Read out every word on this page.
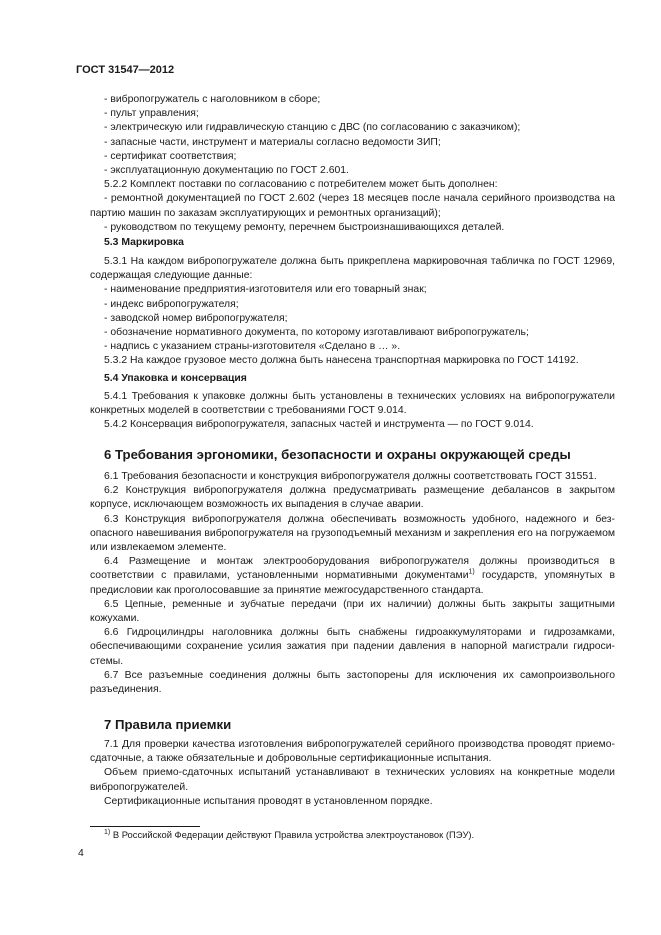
ГОСТ 31547—2012

- вибропогружатель с наголовником в сборе;

- пульт управления;

- электрическую или гидравлическую станцию с ДВС (по согласованию с заказчиком);

- запасные части, инструмент и материалы согласно ведомости ЗИП;

- сертификат соответствия;

- эксплуатационную документацию по ГОСТ 2.601.

5.2.2 Комплект поставки по согласованию с потребителем может быть дополнен:

- ремонтной документацией по ГОСТ 2.602 (через 18 месяцев после начала серийного производства на партию машин по заказам эксплуатирующих и ремонтных организаций);

- руководством по текущему ремонту, перечнем быстроизнашивающихся деталей.

5.3 Маркировка

5.3.1 На каждом вибропогружателе должна быть прикреплена маркировочная табличка по ГОСТ 12969, содержащая следующие данные:

- наименование предприятия-изготовителя или его товарный знак;

- индекс вибропогружателя;

- заводской номер вибропогружателя;

- обозначение нормативного документа, по которому изготавливают вибропогружатель;

- надпись с указанием страны-изготовителя «Сделано в … ».

5.3.2 На каждое грузовое место должна быть нанесена транспортная маркировка по ГОСТ 14192.

5.4 Упаковка и консервация

5.4.1 Требования к упаковке должны быть установлены в технических условиях на вибропогружатели конкретных моделей в соответствии с требованиями ГОСТ 9.014.

5.4.2 Консервация вибропогружателя, запасных частей и инструмента — по ГОСТ 9.014.

6 Требования эргономики, безопасности и охраны окружающей среды

6.1 Требования безопасности и конструкция вибропогружателя должны соответствовать ГОСТ 31551.

6.2 Конструкция вибропогружателя должна предусматривать размещение дебалансов в закрытом корпусе, исключающем возможность их выпадения в случае аварии.

6.3 Конструкция вибропогружателя должна обеспечивать возможность удобного, надежного и безопасного навешивания вибропогружателя на грузоподъемный механизм и закрепления его на погружаемом или извлекаемом элементе.

6.4 Размещение и монтаж электрооборудования вибропогружателя должны производиться в соответствии с правилами, установленными нормативными документами$^{1)}$ государств, упомянутых в предисловии как проголосовавшие за принятие межгосударственного стандарта.

6.5 Цепные, ременные и зубчатые передачи (при их наличии) должны быть закрыты защитными кожухами.

6.6 Гидроцилиндры наголовника должны быть снабжены гидроаккумуляторами и гидрозамками, обеспечивающими сохранение усилия зажатия при падении давления в напорной магистрали гидросистемы.

6.7 Все разъемные соединения должны быть застопорены для исключения их самопроизвольного разъединения.

7 Правила приемки

7.1 Для проверки качества изготовления вибропогружателей серийного производства проводят приемо-сдаточные, а также обязательные и добровольные сертификационные испытания.

Объем приемо-сдаточных испытаний устанавливают в технических условиях на конкретные модели вибропогружателей.

Сертификационные испытания проводят в установленном порядке.

$^{1)}$ В Российской Федерации действуют Правила устройства электроустановок (ПЭУ).
4
